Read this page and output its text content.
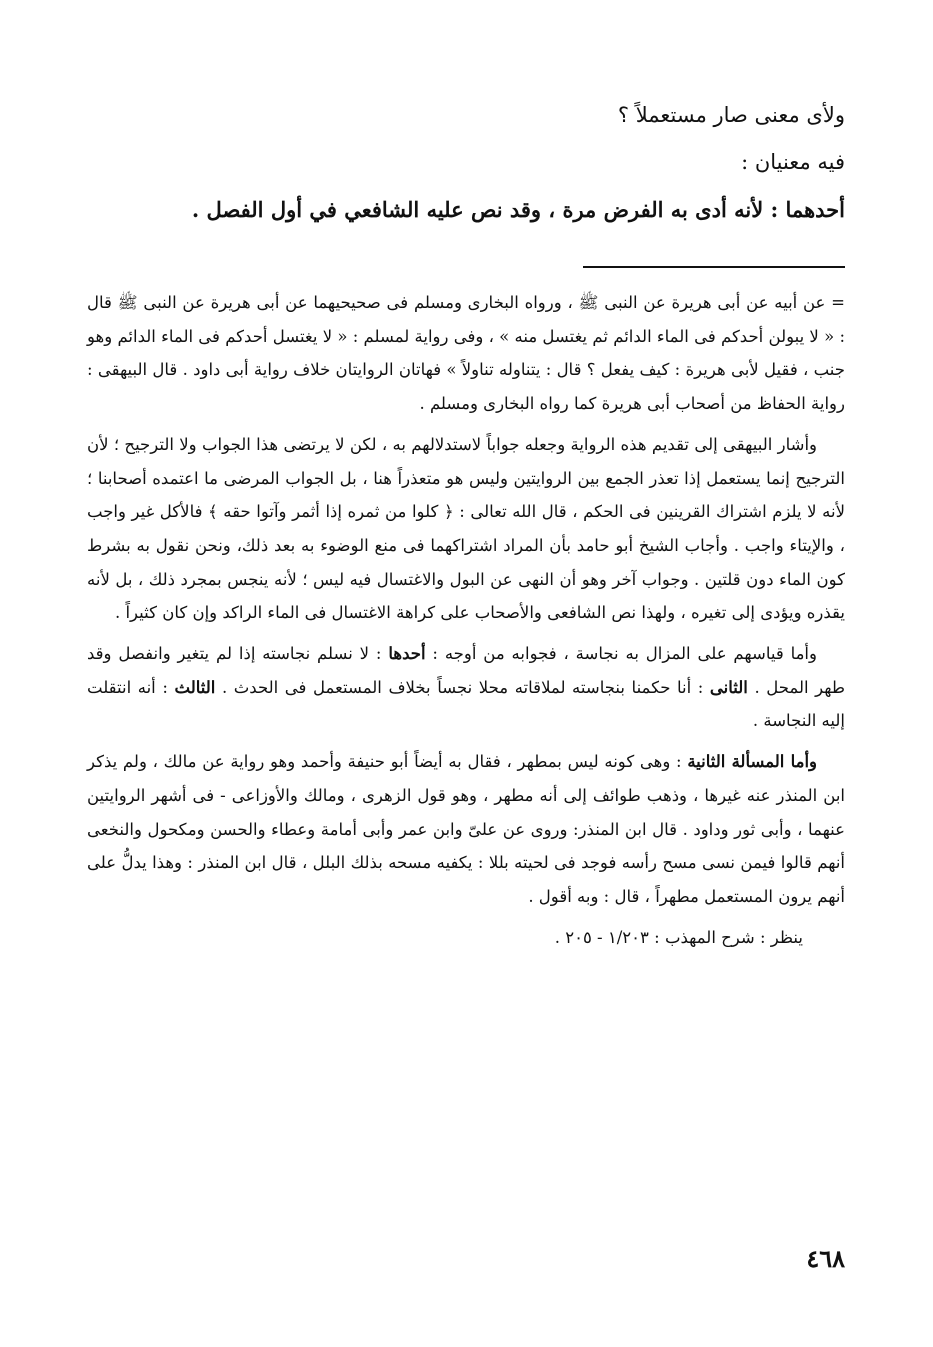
ولأى معنى صار مستعملاً ؟

فيه معنيان :

أحدهما : لأنه أدى به الفرض مرة ، وقد نص عليه الشافعي في أول الفصل .

= عن أبيه عن أبى هريرة عن النبى ﷺ ، ورواه البخارى ومسلم فى صحيحيهما عن أبى هريرة عن النبى ﷺ قال : « لا يبولن أحدكم فى الماء الدائم ثم يغتسل منه » ، وفى رواية لمسلم : « لا يغتسل أحدكم فى الماء الدائم وهو جنب ، فقيل لأبى هريرة : كيف يفعل ؟ قال : يتناوله تناولاً » فهاتان الروايتان خلاف رواية أبى داود . قال البيهقى : رواية الحفاظ من أصحاب أبى هريرة كما رواه البخارى ومسلم .

وأشار البيهقى إلى تقديم هذه الرواية وجعله جواباً لاستدلالهم به ، لكن لا يرتضى هذا الجواب ولا الترجيح ؛ لأن الترجيح إنما يستعمل إذا تعذر الجمع بين الروايتين وليس هو متعذراً هنا ، بل الجواب المرضى ما اعتمده أصحابنا ؛ لأنه لا يلزم اشتراك القرينين فى الحكم ، قال الله تعالى : ﴿ كلوا من ثمره إذا أثمر وآتوا حقه ﴾ فالأكل غير واجب ، والإيتاء واجب . وأجاب الشيخ أبو حامد بأن المراد اشتراكهما فى منع الوضوء به بعد ذلك، ونحن نقول به بشرط كون الماء دون قلتين . وجواب آخر وهو أن النهى عن البول والاغتسال فيه ليس ؛ لأنه ينجس بمجرد ذلك ، بل لأنه يقذره ويؤدى إلى تغيره ، ولهذا نص الشافعى والأصحاب على كراهة الاغتسال فى الماء الراكد وإن كان كثيراً .

وأما قياسهم على المزال به نجاسة ، فجوابه من أوجه : أحدها : لا نسلم نجاسته إذا لم يتغير وانفصل وقد طهر المحل . الثانى : أنا حكمنا بنجاسته لملاقاته محلا نجساً بخلاف المستعمل فى الحدث . الثالث : أنه انتقلت إليه النجاسة .

وأما المسألة الثانية : وهى كونه ليس بمطهر ، فقال به أيضاً أبو حنيفة وأحمد وهو رواية عن مالك ، ولم يذكر ابن المنذر عنه غيرها ، وذهب طوائف إلى أنه مطهر ، وهو قول الزهرى ، ومالك والأوزاعى - فى أشهر الروايتين عنهما ، وأبى ثور وداود . قال ابن المنذر: وروى عن علىّ وابن عمر وأبى أمامة وعطاء والحسن ومكحول والنخعى أنهم قالوا فيمن نسى مسح رأسه فوجد فى لحيته بللا : يكفيه مسحه بذلك البلل ، قال ابن المنذر : وهذا يدلُّ على أنهم يرون المستعمل مطهراً ، قال : وبه أقول .

ينظر : شرح المهذب : ١/٢٠٣ - ٢٠٥ .

٤٦٨
